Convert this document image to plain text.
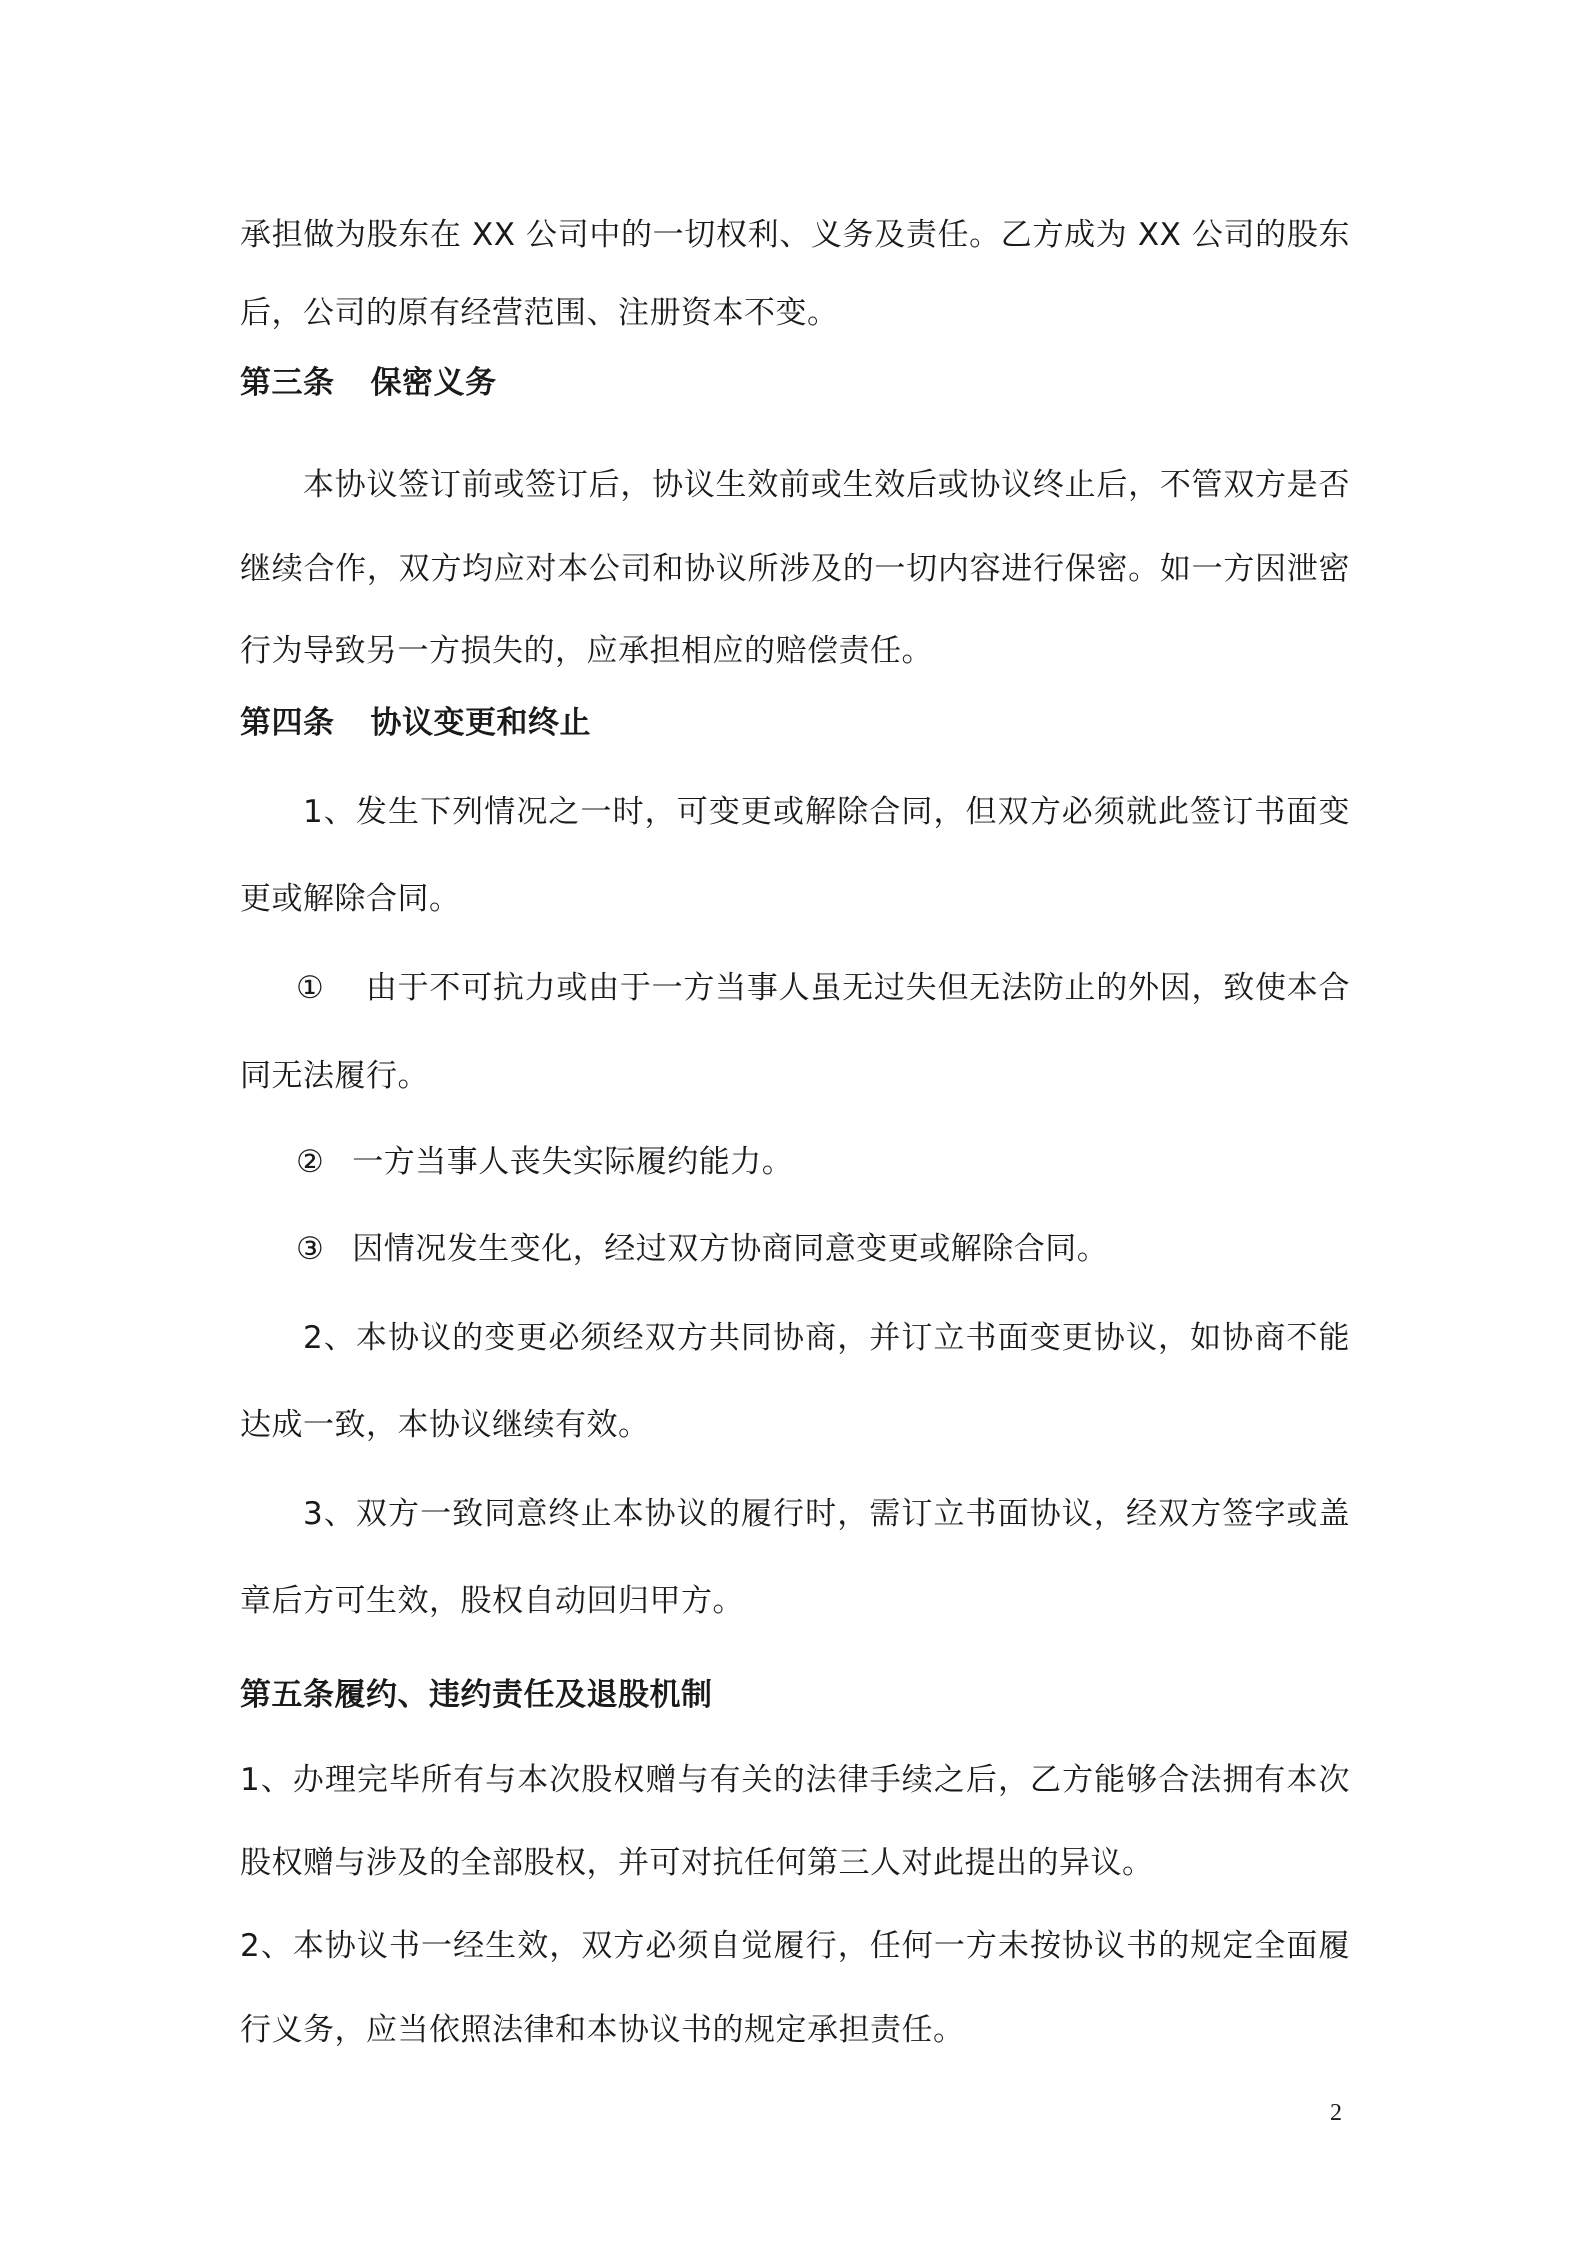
承担做为股东在 XX 公司中的一切权利、义务及责任。乙方成为 XX 公司的股东
后，公司的原有经营范围、注册资本不变。
第三条 保密义务
本协议签订前或签订后，协议生效前或生效后或协议终止后，不管双方是否
继续合作，双方均应对本公司和协议所涉及的一切内容进行保密。如一方因泄密
行为导致另一方损失的，应承担相应的赔偿责任。
第四条 协议变更和终止
1、发生下列情况之一时，可变更或解除合同，但双方必须就此签订书面变
更或解除合同。
① 由于不可抗力或由于一方当事人虽无过失但无法防止的外因，致使本合
同无法履行。
② 一方当事人丧失实际履约能力。
③ 因情况发生变化，经过双方协商同意变更或解除合同。
2、本协议的变更必须经双方共同协商，并订立书面变更协议，如协商不能
达成一致，本协议继续有效。
3、双方一致同意终止本协议的履行时，需订立书面协议，经双方签字或盖
章后方可生效，股权自动回归甲方。
第五条履约、违约责任及退股机制
1、办理完毕所有与本次股权赠与有关的法律手续之后，乙方能够合法拥有本次
股权赠与涉及的全部股权，并可对抗任何第三人对此提出的异议。
2、本协议书一经生效，双方必须自觉履行，任何一方未按协议书的规定全面履
行义务，应当依照法律和本协议书的规定承担责任。
2
